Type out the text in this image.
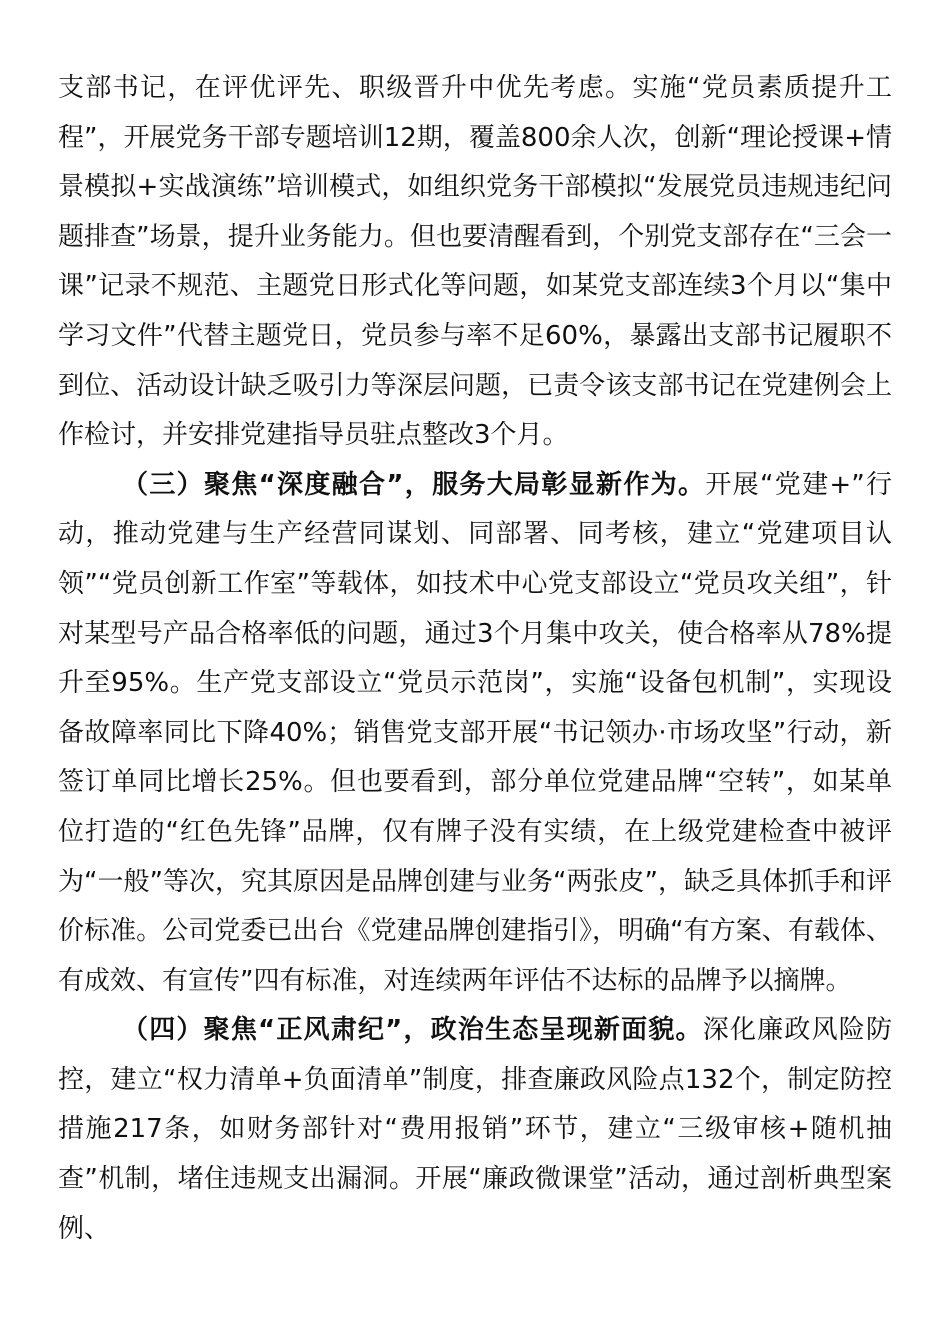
支部书记，在评优评先、职级晋升中优先考虑。实施“党员素质提升工程”，开展党务干部专题培训12期，覆盖800余人次，创新“理论授课+情景模拟+实战演练”培训模式，如组织党务干部模拟“发展党员违规违纪问题排查”场景，提升业务能力。但也要清醒看到，个别党支部存在“三会一课”记录不规范、主题党日形式化等问题，如某党支部连续3个月以“集中学习文件”代替主题党日，党员参与率不足60%，暴露出支部书记履职不到位、活动设计缺乏吸引力等深层问题，已责令该支部书记在党建例会上作检讨，并安排党建指导员驻点整改3个月。

（三）聚焦“深度融合”，服务大局彰显新作为。开展“党建+”行动，推动党建与生产经营同谋划、同部署、同考核，建立“党建项目认领”“党员创新工作室”等载体，如技术中心党支部设立“党员攻关组”，针对某型号产品合格率低的问题，通过3个月集中攻关，使合格率从78%提升至95%。生产党支部设立“党员示范岗”，实施“设备包机制”，实现设备故障率同比下降40%；销售党支部开展“书记领办·市场攻坚”行动，新签订单同比增长25%。但也要看到，部分单位党建品牌“空转”，如某单位打造的“红色先锋”品牌，仅有牌子没有实绩，在上级党建检查中被评为“一般”等次，究其原因是品牌创建与业务“两张皮”，缺乏具体抓手和评价标准。公司党委已出台《党建品牌创建指引》，明确“有方案、有载体、有成效、有宣传”四有标准，对连续两年评估不达标的品牌予以摘牌。

（四）聚焦“正风肃纪”，政治生态呈现新面貌。深化廉政风险防控，建立“权力清单+负面清单”制度，排查廉政风险点132个，制定防控措施217条，如财务部针对“费用报销”环节，建立“三级审核+随机抽查”机制，堵住违规支出漏洞。开展“廉政微课堂”活动，通过剖析典型案例、
